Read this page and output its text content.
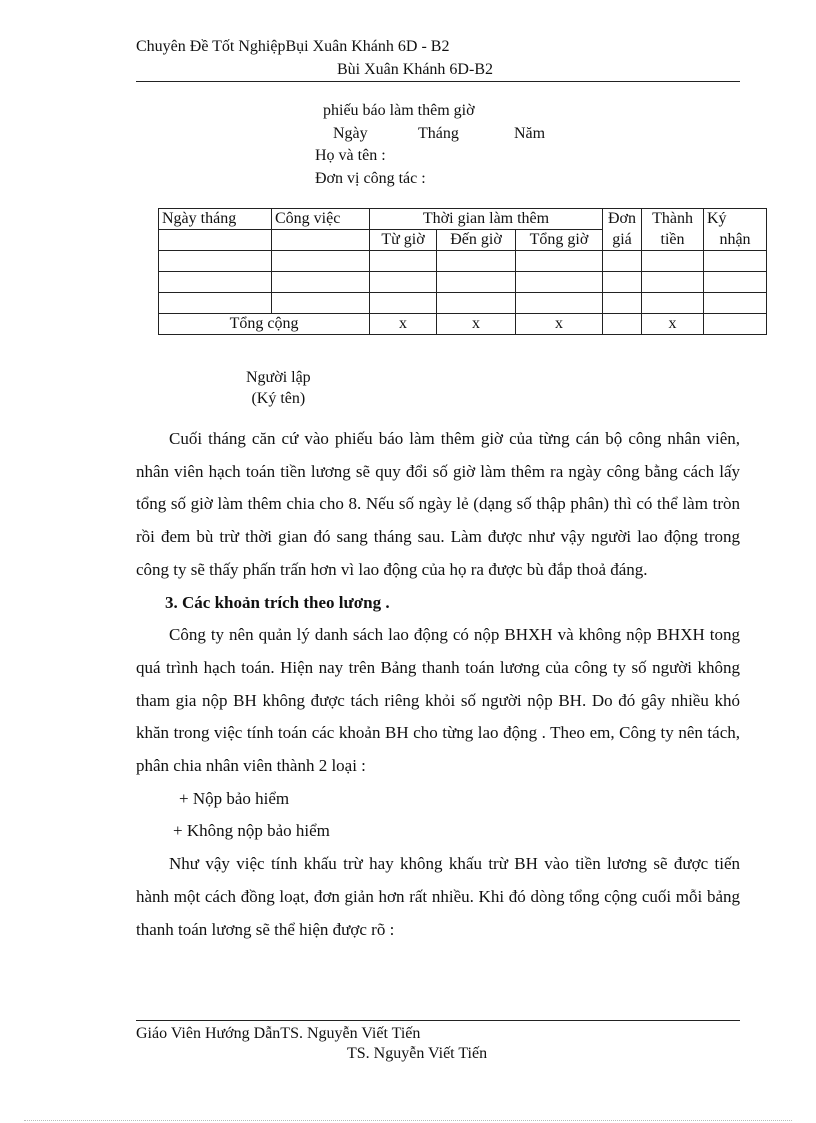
Chuyên Đề Tốt NghiệpBụi Xuân Khánh 6D - B2
Bùi Xuân Khánh 6D-B2
phiếu báo làm thêm giờ
Ngày	Tháng	Năm
Họ và tên :
Đơn vị công tác :
Ngày tháng	Công việc	Thời gian làm thêm			Đơn	Thành	Ký
		Từ giờ	Đến giờ	Tổng giờ	giá	tiền	nhận

Tổng cộng		x	x	x		x	
Người lập
(Ký tên)

Cuối tháng căn cứ vào phiếu báo làm thêm giờ của từng cán bộ công nhân viên, nhân viên hạch toán tiền lương sẽ quy đổi số giờ làm thêm ra ngày công bằng cách lấy tổng số giờ làm thêm chia cho 8. Nếu số ngày lẻ (dạng số thập phân) thì có thể làm tròn rồi đem bù trừ thời gian đó sang tháng sau. Làm được như vậy người lao động trong công ty sẽ thấy phấn trấn hơn vì lao động của họ ra được bù đắp thoả đáng.

3. Các khoản trích theo lương .

Công ty nên quản lý danh sách lao động có nộp BHXH và không nộp BHXH tong quá trình hạch toán. Hiện nay trên Bảng thanh toán lương của công ty số người không tham gia nộp BH không được tách riêng khỏi số người nộp BH. Do đó gây nhiều khó khăn trong việc tính toán các khoản BH cho từng lao động . Theo em, Công ty nên tách, phân chia nhân viên thành 2 loại :

+ Nộp bảo hiểm

+ Không nộp bảo hiểm

Như vậy việc tính khấu trừ hay không khấu trừ BH vào tiền lương sẽ được tiến hành một cách đồng loạt, đơn giản hơn rất nhiều. Khi đó dòng tổng cộng cuối mỗi bảng thanh toán lương sẽ thể hiện được rõ :

Giáo Viên Hướng DẫnTS. Nguyễn Viết Tiến
TS. Nguyễn Viết Tiến
